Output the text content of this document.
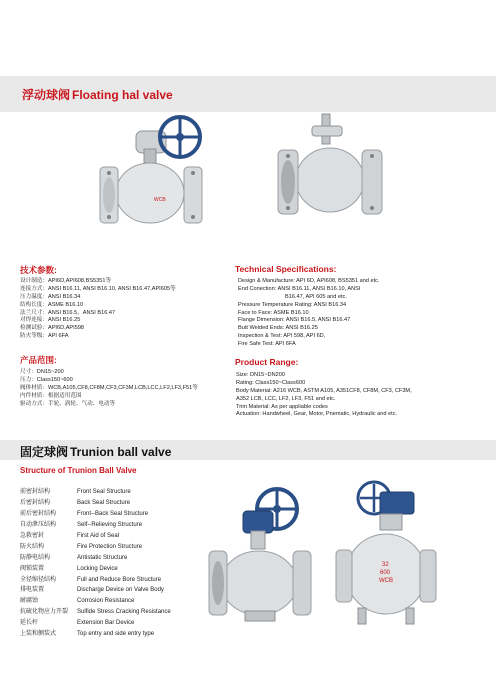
浮动球阀 Floating hal valve
WCB
技术参数:
设计制造：API6D,API608,BS5351等
连接方式：ANSI B16.11, ANSI B16.10, ANSI B16.47,API605等
压力温度：ANSI B16.34
结构长度：ASME B16.10
法兰尺寸：ANSI B16.5，ANSI B16.47
对焊连接：ANSI B16.25
检测试验：API6D,API598
防火等级：API 6FA
Technical Specifications:
Design & Manufacture: API 6D, API608, BS5351 and etc.
End Conection: ANSI B16.11, ANSI B16.10, ANSI
B16.47, API 605 and etc.
Pressure Temperature Rating: ANSI B16.34
Face to Face: ASME B16.10
Flange Dimension: ANSI B16.5, ANSI B16.47
Butt Welded Ends: ANSI B16.25
Inspection & Test: API 598, API 6D,
Fire Safe Test: API 6FA
产品范围:
尺寸：DN15~200
压力：Class150~600
阀体材质：WCB,A105,CF8,CF8M,CF3,CF3M,LCB,LCC,LF2,LF3,F51等
内件材质：根据适用范围
驱动方式：手轮、涡轮、气动、电动等
Product Range:
Size: DN15~DN200
Rating: Class150~Class600
Body Material: A216 WCB, ASTM A105, A351CF8, CF8M, CF3, CF3M,
A352 LCB, LCC, LF2, LF3, F51 and etc.
Trim Material: As per appliable codes
Actuation: Handwheel, Gear, Motor, Pnematic, Hydraulic and etc.
固定球阀 Trunion ball valve
Structure of Trunion Ball Valve
前密封结构	Front Seal Structure
后密封结构	Back Seal Structure
前后密封结构	Front--Back Seal Structure
自动泄压结构	Self--Relieving Structure
急救密封	First Aid of Seal
防火结构	Fire Protection Structure
防静电结构	Antistatic Structure
阀锁装置	Locking Device
全径缩径结构	Full and Reduce Bore Structure
排电装置	Discharge Device on Valve Body
耐腐蚀	Corrosion Resistance
抗硫化物应力开裂 Sulfide Stress Cracking Resistance
延长杆	Extension Bar Device
上装和侧装式	Top entry and side entry type
32
600
WCB
